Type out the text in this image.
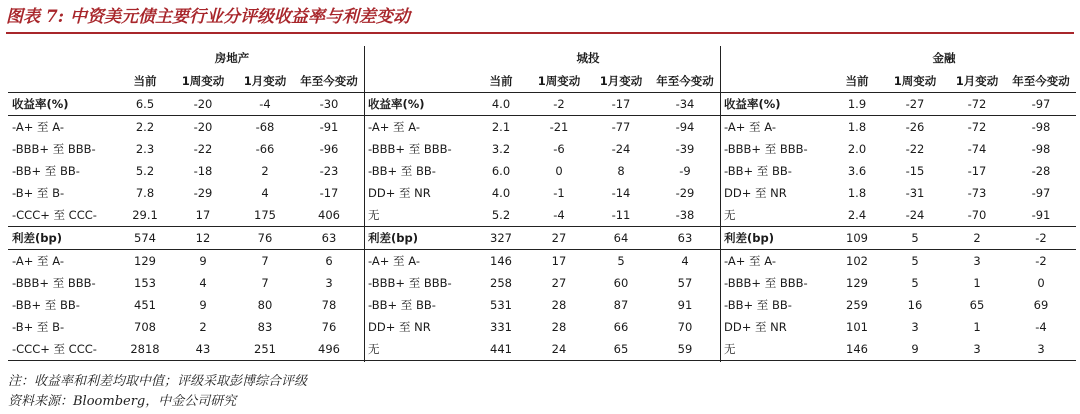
图表 7: 中资美元债主要行业分评级收益率与利差变动
		房地产		
	当前	1周变动	1月变动	年至今变动
收益率(%)	6.5	-20	-4	-30
-A+ 至 A-	2.2	-20	-68	-91
-BBB+ 至 BBB-	2.3	-22	-66	-96
-BB+ 至 BB-	5.2	-18	2	-23
-B+ 至 B-	7.8	-29	4	-17
-CCC+ 至 CCC-	29.1	17	175	406
利差(bp)	574	12	76	63
-A+ 至 A-	129	9	7	6
-BBB+ 至 BBB-	153	4	7	3
-BB+ 至 BB-	451	9	80	78
-B+ 至 B-	708	2	83	76
-CCC+ 至 CCC-	2818	43	251	496
		城投		
	当前	1周变动	1月变动	年至今变动
收益率(%)	4.0	-2	-17	-34
-A+ 至 A-	2.1	-21	-77	-94
-BBB+ 至 BBB-	3.2	-6	-24	-39
-BB+ 至 BB-	6.0	0	8	-9
DD+ 至 NR	4.0	-1	-14	-29
无	5.2	-4	-11	-38
利差(bp)	327	27	64	63
-A+ 至 A-	146	17	5	4
-BBB+ 至 BBB-	258	27	60	57
-BB+ 至 BB-	531	28	87	91
DD+ 至 NR	331	28	66	70
无	441	24	65	59
		金融		
	当前	1周变动	1月变动	年至今变动
收益率(%)	1.9	-27	-72	-97
-A+ 至 A-	1.8	-26	-72	-98
-BBB+ 至 BBB-	2.0	-22	-74	-98
-BB+ 至 BB-	3.6	-15	-17	-28
DD+ 至 NR	1.8	-31	-73	-97
无	2.4	-24	-70	-91
利差(bp)	109	5	2	-2
-A+ 至 A-	102	5	3	-2
-BBB+ 至 BBB-	129	5	1	0
-BB+ 至 BB-	259	16	65	69
DD+ 至 NR	101	3	1	-4
无	146	9	3	3
注：收益率和利差均取中值；评级采取彭博综合评级
资料来源：Bloomberg，中金公司研究
